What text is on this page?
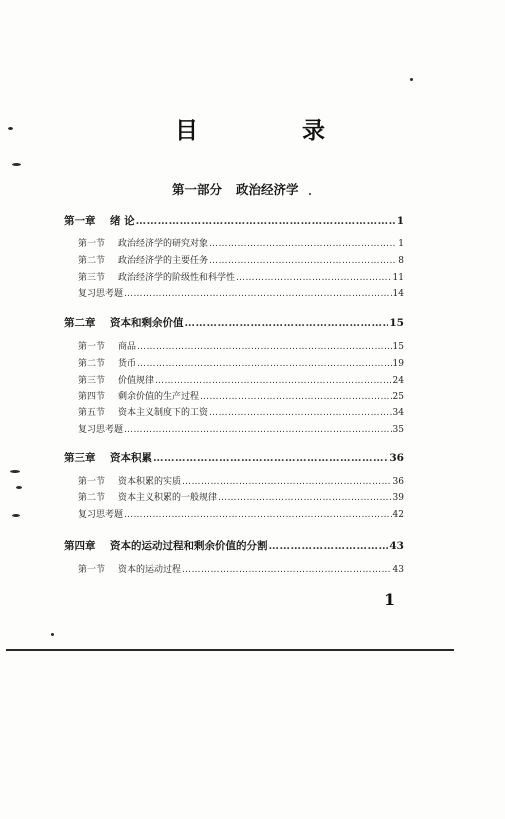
目	录
第一部分 政治经济学
第一章	绪 论 …………………………………………………………………………………………………………………………………………………………………………	1
第一节	政治经济学的研究对象 …………………………………………………………………………………………………………………………………………………………………………	1
第二节	政治经济学的主要任务 …………………………………………………………………………………………………………………………………………………………………………	8
第三节	政治经济学的阶级性和科学性 …………………………………………………………………………………………………………………………………………………………………………	11
复习思考题 …………………………………………………………………………………………………………………………………………………………………………	14
第二章	资本和剩余价值 …………………………………………………………………………………………………………………………………………………………………………	15
第一节	商品 …………………………………………………………………………………………………………………………………………………………………………	15
第二节	货币 …………………………………………………………………………………………………………………………………………………………………………	19
第三节	价值规律 …………………………………………………………………………………………………………………………………………………………………………	24
第四节	剩余价值的生产过程 …………………………………………………………………………………………………………………………………………………………………………	25
第五节	资本主义制度下的工资 …………………………………………………………………………………………………………………………………………………………………………	34
复习思考题 …………………………………………………………………………………………………………………………………………………………………………	35
第三章	资本积累 …………………………………………………………………………………………………………………………………………………………………………	36
第一节	资本积累的实质 …………………………………………………………………………………………………………………………………………………………………………	36
第二节	资本主义积累的一般规律 …………………………………………………………………………………………………………………………………………………………………………	39
复习思考题 …………………………………………………………………………………………………………………………………………………………………………	42
第四章	资本的运动过程和剩余价值的分割 …………………………………………………………………………………………………………………………………………………………………………	43
第一节	资本的运动过程 …………………………………………………………………………………………………………………………………………………………………………	43
1
